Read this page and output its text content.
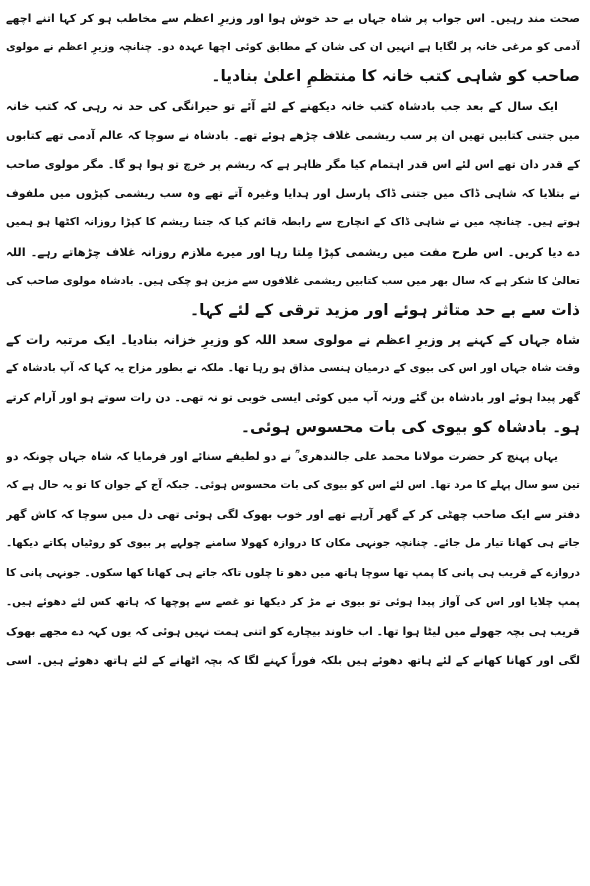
صحت مند رہیں۔ اس جواب پر شاہ جہاں بے حد خوش ہوا اور وزیرِ اعظم سے مخاطب ہو کر کہا اتنے اچھے
آدمی کو مرغی خانہ پر لگایا ہے انہیں ان کی شان کے مطابق کوئی اچھا عہدہ دو۔ چنانچہ وزیرِ اعظم نے مولوی
صاحب کو شاہی کتب خانہ کا منتظمِ اعلیٰ بنادیا۔
ایک سال کے بعد جب بادشاہ کتب خانہ دیکھنے کے لئے آئے تو حیرانگی کی حد نہ رہی کہ کتب خانہ
میں جتنی کتابیں تھیں ان پر سب ریشمی غلاف چڑھے ہوئے تھے۔ بادشاہ نے سوچا کہ عالم آدمی تھے کتابوں
کے قدر دان تھے اس لئے اس قدر اہتمام کیا مگر ظاہر ہے کہ ریشم پر خرچ تو ہوا ہو گا۔ مگر مولوی صاحب
نے بتلایا کہ شاہی ڈاک میں جتنی ڈاک پارسل اور ہدایا وغیرہ آتے تھے وہ سب ریشمی کپڑوں میں ملفوف
ہوتے ہیں۔ چنانچہ میں نے شاہی ڈاک کے انچارج سے رابطہ قائم کیا کہ جتنا ریشم کا کپڑا روزانہ اکٹھا ہو ہمیں
دے دیا کریں۔ اس طرح مفت میں ریشمی کپڑا مِلتا رہا اور میرے ملازم روزانہ غلاف چڑھاتے رہے۔ اللہ
تعالیٰ کا شکر ہے کہ سال بھر میں سب کتابیں ریشمی غلافوں سے مزین ہو چکی ہیں۔ بادشاہ مولوی صاحب کی
ذات سے بے حد متاثر ہوئے اور مزید ترقی کے لئے کہا۔
شاہ جہاں کے کہنے پر وزیرِ اعظم نے مولوی سعد اللہ کو وزیرِ خزانہ بنادیا۔ ایک مرتبہ رات کے
وقت شاہ جہاں اور اس کی بیوی کے درمیان ہنسی مذاق ہو رہا تھا۔ ملکہ نے بطور مزاح یہ کہا کہ آپ بادشاہ کے
گھر پیدا ہوئے اور بادشاہ بن گئے ورنہ آپ میں کوئی ایسی خوبی تو نہ تھی۔ دن رات سوتے ہو اور آرام کرتے
ہو۔ بادشاہ کو بیوی کی بات محسوس ہوئی۔
یہاں پہنچ کر حضرت مولانا محمد علی جالندھری ؒ نے دو لطیفے سنائے اور فرمایا کہ شاہ جہاں چونکہ دو
تین سو سال پہلے کا مرد تھا۔ اس لئے اس کو بیوی کی بات محسوس ہوئی۔ جبکہ آج کے جوان کا تو یہ حال ہے کہ
دفتر سے ایک صاحب چھٹی کر کے گھر آرہے تھے اور خوب بھوک لگی ہوئی تھی دل میں سوچا کہ کاش گھر
جاتے ہی کھانا تیار مل جائے۔ چنانچہ جونہی مکان کا دروازہ کھولا سامنے چولہے پر بیوی کو روٹیاں پکاتے دیکھا۔
دروازے کے قریب ہی پانی کا پمپ تھا سوچا ہاتھ میں دھو تا چلوں تاکہ جاتے ہی کھانا کھا سکوں۔ جونہی پانی کا
پمپ چلایا اور اس کی آواز پیدا ہوئی تو بیوی نے مڑ کر دیکھا تو غصے سے پوچھا کہ ہاتھ کس لئے دھوئے ہیں۔
قریب ہی بچہ جھولے میں لیٹا ہوا تھا۔ اب خاوند بیچارے کو اتنی ہمت نہیں ہوئی کہ یوں کہہ دے مجھے بھوک
لگی اور کھانا کھانے کے لئے ہاتھ دھوئے ہیں بلکہ فوراً کہنے لگا کہ بچہ اٹھانے کے لئے ہاتھ دھوئے ہیں۔ اسی
